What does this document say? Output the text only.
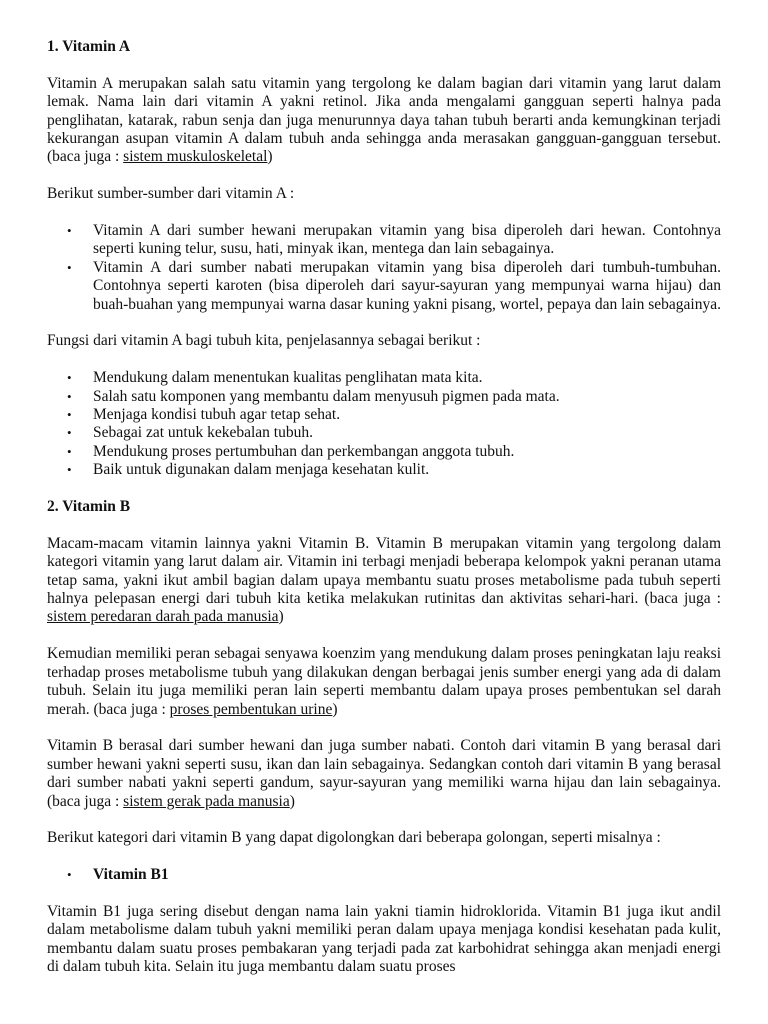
1. Vitamin A

Vitamin A merupakan salah satu vitamin yang tergolong ke dalam bagian dari vitamin yang larut dalam lemak. Nama lain dari vitamin A yakni retinol. Jika anda mengalami gangguan seperti halnya pada penglihatan, katarak, rabun senja dan juga menurunnya daya tahan tubuh berarti anda kemungkinan terjadi kekurangan asupan vitamin A dalam tubuh anda sehingga anda merasakan gangguan-gangguan tersebut. (baca juga : sistem muskuloskeletal)

Berikut sumber-sumber dari vitamin A :

• Vitamin A dari sumber hewani merupakan vitamin yang bisa diperoleh dari hewan. Contohnya seperti kuning telur, susu, hati, minyak ikan, mentega dan lain sebagainya.
• Vitamin A dari sumber nabati merupakan vitamin yang bisa diperoleh dari tumbuh-tumbuhan. Contohnya seperti karoten (bisa diperoleh dari sayur-sayuran yang mempunyai warna hijau) dan buah-buahan yang mempunyai warna dasar kuning yakni pisang, wortel, pepaya dan lain sebagainya.

Fungsi dari vitamin A bagi tubuh kita, penjelasannya sebagai berikut :

• Mendukung dalam menentukan kualitas penglihatan mata kita.
• Salah satu komponen yang membantu dalam menyusuh pigmen pada mata.
• Menjaga kondisi tubuh agar tetap sehat.
• Sebagai zat untuk kekebalan tubuh.
• Mendukung proses pertumbuhan dan perkembangan anggota tubuh.
• Baik untuk digunakan dalam menjaga kesehatan kulit.
2. Vitamin B

Macam-macam vitamin lainnya yakni Vitamin B. Vitamin B merupakan vitamin yang tergolong dalam kategori vitamin yang larut dalam air. Vitamin ini terbagi menjadi beberapa kelompok yakni peranan utama tetap sama, yakni ikut ambil bagian dalam upaya membantu suatu proses metabolisme pada tubuh seperti halnya pelepasan energi dari tubuh kita ketika melakukan rutinitas dan aktivitas sehari-hari. (baca juga : sistem peredaran darah pada manusia)

Kemudian memiliki peran sebagai senyawa koenzim yang mendukung dalam proses peningkatan laju reaksi terhadap proses metabolisme tubuh yang dilakukan dengan berbagai jenis sumber energi yang ada di dalam tubuh. Selain itu juga memiliki peran lain seperti membantu dalam upaya proses pembentukan sel darah merah. (baca juga : proses pembentukan urine)

Vitamin B berasal dari sumber hewani dan juga sumber nabati. Contoh dari vitamin B yang berasal dari sumber hewani yakni seperti susu, ikan dan lain sebagainya. Sedangkan contoh dari vitamin B yang berasal dari sumber nabati yakni seperti gandum, sayur-sayuran yang memiliki warna hijau dan lain sebagainya. (baca juga : sistem gerak pada manusia)

Berikut kategori dari vitamin B yang dapat digolongkan dari beberapa golongan, seperti misalnya :

• Vitamin B1

Vitamin B1 juga sering disebut dengan nama lain yakni tiamin hidroklorida. Vitamin B1 juga ikut andil dalam metabolisme dalam tubuh yakni memiliki peran dalam upaya menjaga kondisi kesehatan pada kulit, membantu dalam suatu proses pembakaran yang terjadi pada zat karbohidrat sehingga akan menjadi energi di dalam tubuh kita. Selain itu juga membantu dalam suatu proses
